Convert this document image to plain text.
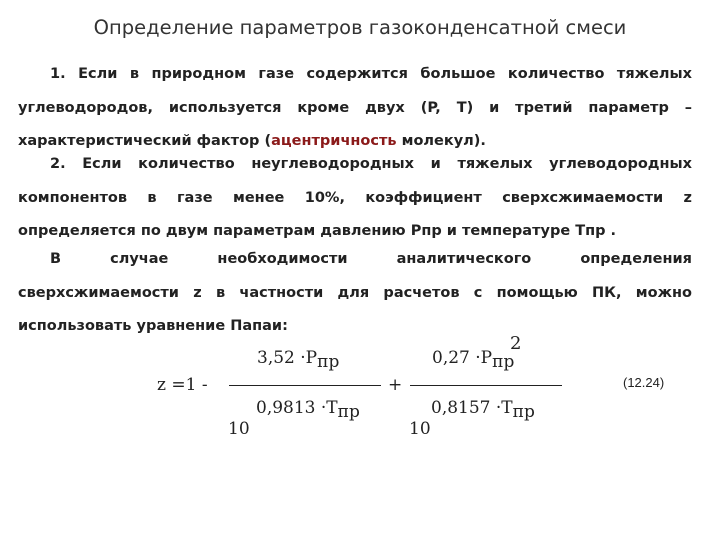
Определение параметров газоконденсатной смеси
1. Если в природном газе содержится большое количество тяжелых
углеводородов, используется кроме двух (P, T) и третий параметр –
характеристический фактор (ацентричность молекул).
2. Если количество неуглеводородных и тяжелых углеводородных
компонентов в газе менее 10%, коэффициент сверхсжимаемости z
определяется по двум параметрам давлению Pпр и температуре Tпр .
В случае необходимости аналитического определения
сверхсжимаемости z в частности для расчетов с помощью ПК, можно
использовать уравнение Папаи:
z =1 -
3,52 ·Pпр
10
0,9813 ·Tпр
+
0,27 ·Pпр
2
10
0,8157 ·Tпр
(12.24)
